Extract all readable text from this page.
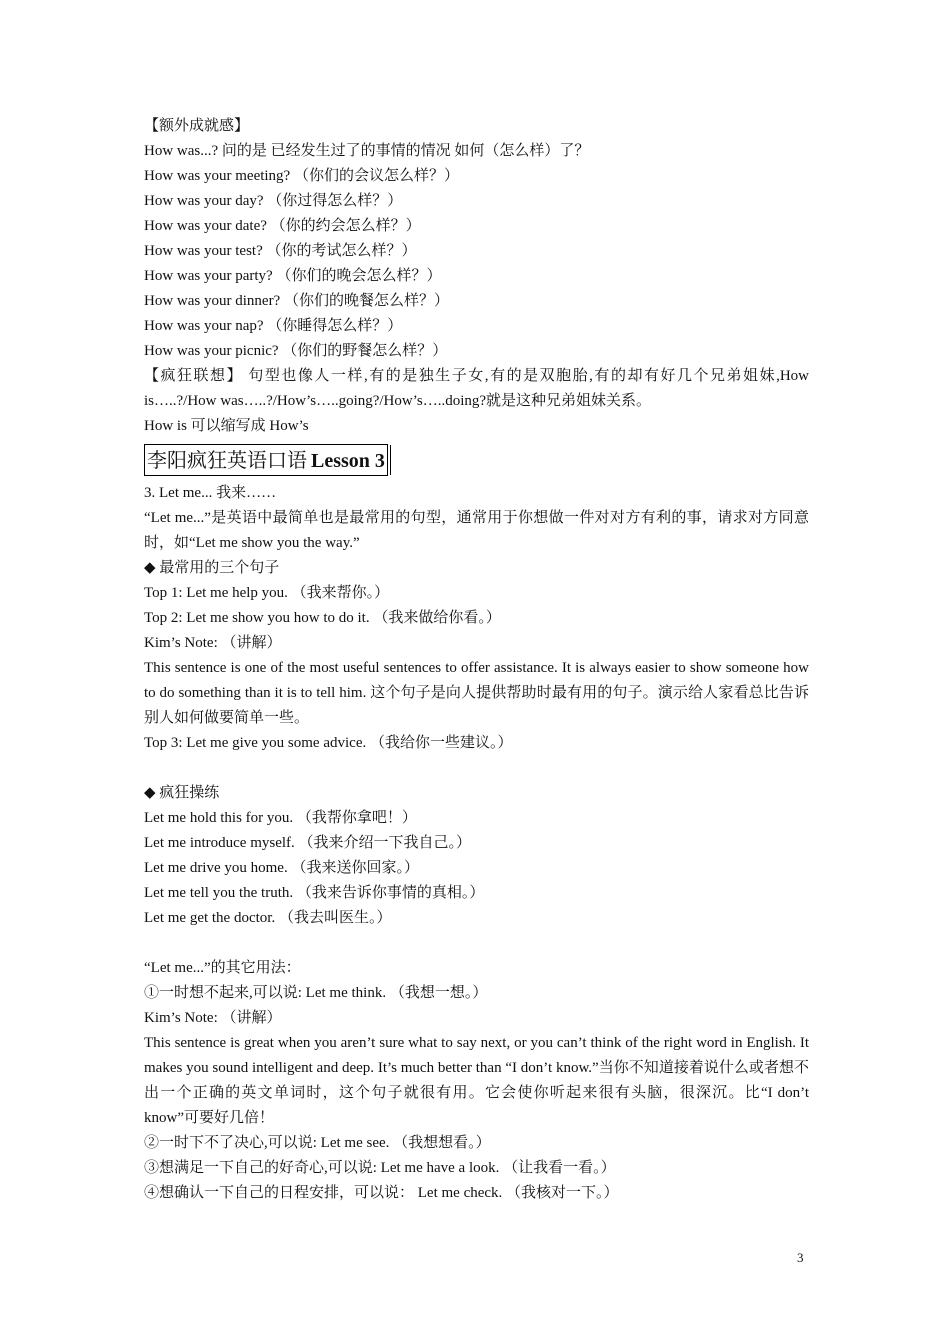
【额外成就感】
How was...? 问的是 已经发生过了的事情的情况 如何（怎么样）了？
How was your meeting? （你们的会议怎么样？）
How was your day? （你过得怎么样？）
How was your date? （你的约会怎么样？）
How was your test? （你的考试怎么样？）
How was your party? （你们的晚会怎么样？）
How was your dinner? （你们的晚餐怎么样？）
How was your nap? （你睡得怎么样？）
How was your picnic? （你们的野餐怎么样？）
【疯狂联想】 句型也像人一样,有的是独生子女,有的是双胞胎,有的却有好几个兄弟姐妹,How is…..?/How was…..?/How’s…..going?/How’s…..doing?就是这种兄弟姐妹关系。
How is 可以缩写成 How’s
李阳疯狂英语口语 Lesson 3
3. Let me... 我来……
“Let me...”是英语中最简单也是最常用的句型，通常用于你想做一件对对方有利的事，请求对方同意时，如“Let me show you the way.”
◆ 最常用的三个句子
Top 1: Let me help you. （我来帮你。）
Top 2: Let me show you how to do it. （我来做给你看。）
Kim’s Note: （讲解）
This sentence is one of the most useful sentences to offer assistance. It is always easier to show someone how to do something than it is to tell him. 这个句子是向人提供帮助时最有用的句子。演示给人家看总比告诉别人如何做要简单一些。
Top 3: Let me give you some advice. （我给你一些建议。）
◆ 疯狂操练
Let me hold this for you. （我帮你拿吧！）
Let me introduce myself. （我来介绍一下我自己。）
Let me drive you home. （我来送你回家。）
Let me tell you the truth. （我来告诉你事情的真相。）
Let me get the doctor. （我去叫医生。）
“Let me...”的其它用法：
①一时想不起来,可以说: Let me think. （我想一想。）
Kim’s Note: （讲解）
This sentence is great when you aren’t sure what to say next, or you can’t think of the right word in English. It makes you sound intelligent and deep. It’s much better than “I don’t know.”当你不知道接着说什么或者想不出一个正确的英文单词时，这个句子就很有用。它会使你听起来很有头脑，很深沉。比“I don’t know”可要好几倍！
②一时下不了决心,可以说: Let me see. （我想想看。）
③想满足一下自己的好奇心,可以说: Let me have a look. （让我看一看。）
④想确认一下自己的日程安排，可以说： Let me check. （我核对一下。）
3
